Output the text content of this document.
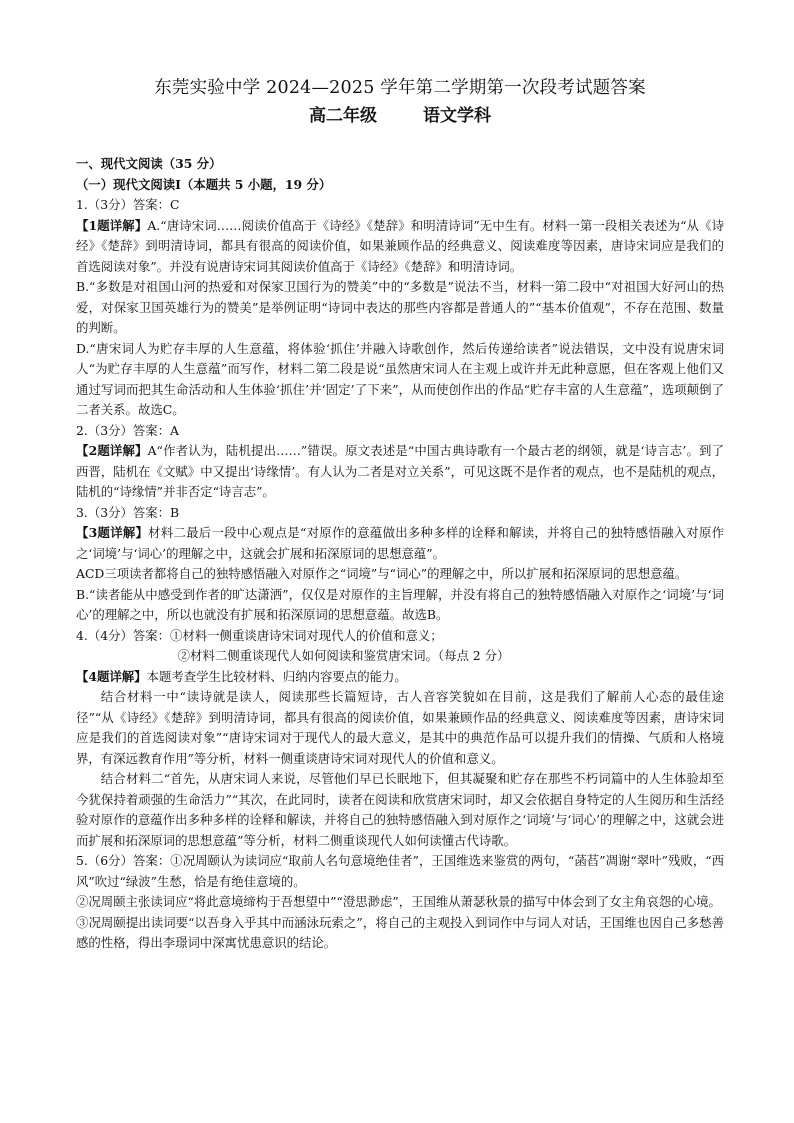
东莞实验中学 2024—2025 学年第二学期第一次段考试题答案
高二年级	语文学科

一、现代文阅读（35 分）

（一）现代文阅读Ⅰ（本题共 5 小题，19 分）

1.（3分）答案：C

【1题详解】A.“唐诗宋词……阅读价值高于《诗经》《楚辞》和明清诗词”无中生有。材料一第一段相关表述为“从《诗经》《楚辞》到明清诗词，都具有很高的阅读价值，如果兼顾作品的经典意义、阅读难度等因素，唐诗宋词应是我们的首选阅读对象”。并没有说唐诗宋词其阅读价值高于《诗经》《楚辞》和明清诗词。

B.“多数是对祖国山河的热爱和对保家卫国行为的赞美”中的“多数是”说法不当，材料一第二段中“对祖国大好河山的热爱，对保家卫国英雄行为的赞美”是举例证明“诗词中表达的那些内容都是普通人的”“基本价值观”，不存在范围、数量的判断。

D.“唐宋词人为贮存丰厚的人生意蕴，将体验‘抓住’并融入诗歌创作，然后传递给读者”说法错误，文中没有说唐宋词人“为贮存丰厚的人生意蕴”而写作，材料二第二段是说“虽然唐宋词人在主观上或许并无此种意愿，但在客观上他们又通过写词而把其生命活动和人生体验‘抓住’并‘固定’了下来”，从而使创作出的作品“贮存丰富的人生意蕴”，选项颠倒了二者关系。故选C。

2.（3分）答案：A

【2题详解】A“作者认为，陆机提出……”错误。原文表述是“中国古典诗歌有一个最古老的纲领，就是‘诗言志’。到了西晋，陆机在《文赋》中又提出‘诗缘情’。有人认为二者是对立关系”，可见这既不是作者的观点，也不是陆机的观点，陆机的“诗缘情”并非否定“诗言志”。

3.（3分）答案：B

【3题详解】材料二最后一段中心观点是“对原作的意蕴做出多种多样的诠释和解读，并将自己的独特感悟融入对原作之‘词境’与‘词心’的理解之中，这就会扩展和拓深原词的思想意蕴”。

ACD三项读者都将自己的独特感悟融入对原作之“词境”与“词心”的理解之中，所以扩展和拓深原词的思想意蕴。

B.“读者能从中感受到作者的旷达潇洒”，仅仅是对原作的主旨理解，并没有将自己的独特感悟融入对原作之‘词境’与‘词心’的理解之中，所以也就没有扩展和拓深原词的思想意蕴。故选B。

4.（4分）答案：①材料一侧重谈唐诗宋词对现代人的价值和意义；

②材料二侧重谈现代人如何阅读和鉴赏唐宋词。（每点 2 分）

【4题详解】本题考查学生比较材料、归纳内容要点的能力。

结合材料一中“读诗就是读人，阅读那些长篇短诗，古人音容笑貌如在目前，这是我们了解前人心态的最佳途径”“从《诗经》《楚辞》到明清诗词，都具有很高的阅读价值，如果兼顾作品的经典意义、阅读难度等因素，唐诗宋词应是我们的首选阅读对象”“唐诗宋词对于现代人的最大意义，是其中的典范作品可以提升我们的情操、气质和人格境界，有深远教育作用”等分析，材料一侧重谈唐诗宋词对现代人的价值和意义。

结合材料二“首先，从唐宋词人来说，尽管他们早已长眠地下，但其凝聚和贮存在那些不朽词篇中的人生体验却至今犹保持着顽强的生命活力”“其次，在此同时，读者在阅读和欣赏唐宋词时，却又会依据自身特定的人生阅历和生活经验对原作的意蕴作出多种多样的诠释和解读，并将自己的独特感悟融入到对原作之‘词境’与‘词心’的理解之中，这就会进而扩展和拓深原词的思想意蕴”等分析，材料二侧重谈现代人如何读懂古代诗歌。

5.（6分）答案：①况周颐认为读词应“取前人名句意境绝佳者”，王国维选来鉴赏的两句，“菡萏”凋谢“翠叶”残败，“西风”吹过“绿波”生愁，恰是有绝佳意境的。

②况周颐主张读词应“将此意境缔构于吾想望中”“澄思渺虑”，王国维从萧瑟秋景的描写中体会到了女主角哀怨的心境。

③况周颐提出读词要“以吾身入乎其中而涵泳玩索之”，将自己的主观投入到词作中与词人对话，王国维也因自己多愁善感的性格，得出李璟词中深寓忧患意识的结论。
